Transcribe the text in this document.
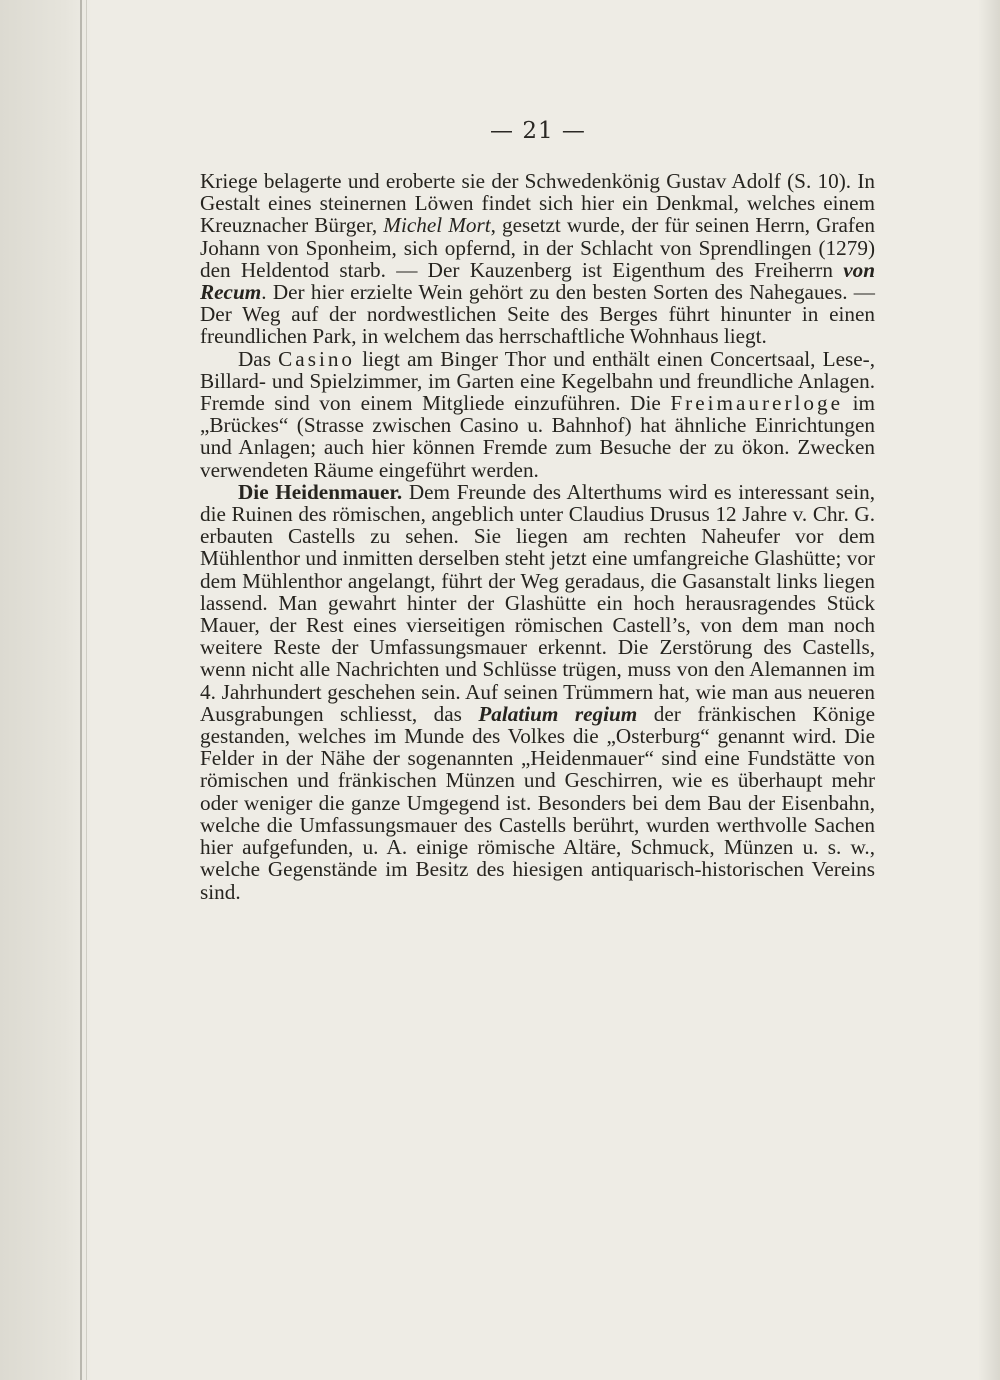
— 21 —

Kriege belagerte und eroberte sie der Schwedenkönig Gustav Adolf (S. 10). In Gestalt eines steinernen Löwen findet sich hier ein Denkmal, welches einem Kreuznacher Bürger, Michel Mort, gesetzt wurde, der für seinen Herrn, Grafen Johann von Sponheim, sich opfernd, in der Schlacht von Sprendlingen (1279) den Heldentod starb. — Der Kauzenberg ist Eigenthum des Freiherrn von Recum. Der hier erzielte Wein gehört zu den besten Sorten des Nahegaues. — Der Weg auf der nordwestlichen Seite des Berges führt hinunter in einen freundlichen Park, in welchem das herrschaftliche Wohnhaus liegt.

Das Casino liegt am Binger Thor und enthält einen Concertsaal, Lese-, Billard- und Spielzimmer, im Garten eine Kegelbahn und freundliche Anlagen. Fremde sind von einem Mitgliede einzuführen. Die Freimaurerloge im „Brückes“ (Strasse zwischen Casino u. Bahnhof) hat ähnliche Einrichtungen und Anlagen; auch hier können Fremde zum Besuche der zu ökon. Zwecken verwendeten Räume eingeführt werden.

Die Heidenmauer. Dem Freunde des Alterthums wird es interessant sein, die Ruinen des römischen, angeblich unter Claudius Drusus 12 Jahre v. Chr. G. erbauten Castells zu sehen. Sie liegen am rechten Naheufer vor dem Mühlenthor und inmitten derselben steht jetzt eine umfangreiche Glashütte; vor dem Mühlenthor angelangt, führt der Weg geradaus, die Gasanstalt links liegen lassend. Man gewahrt hinter der Glashütte ein hoch herausragendes Stück Mauer, der Rest eines vierseitigen römischen Castell’s, von dem man noch weitere Reste der Umfassungsmauer erkennt. Die Zerstörung des Castells, wenn nicht alle Nachrichten und Schlüsse trügen, muss von den Alemannen im 4. Jahrhundert geschehen sein. Auf seinen Trümmern hat, wie man aus neueren Ausgrabungen schliesst, das Palatium regium der fränkischen Könige gestanden, welches im Munde des Volkes die „Osterburg“ genannt wird. Die Felder in der Nähe der sogenannten „Heidenmauer“ sind eine Fundstätte von römischen und fränkischen Münzen und Geschirren, wie es überhaupt mehr oder weniger die ganze Umgegend ist. Besonders bei dem Bau der Eisenbahn, welche die Umfassungsmauer des Castells berührt, wurden werthvolle Sachen hier aufgefunden, u. A. einige römische Altäre, Schmuck, Münzen u. s. w., welche Gegenstände im Besitz des hiesigen antiquarisch-historischen Vereins sind.
